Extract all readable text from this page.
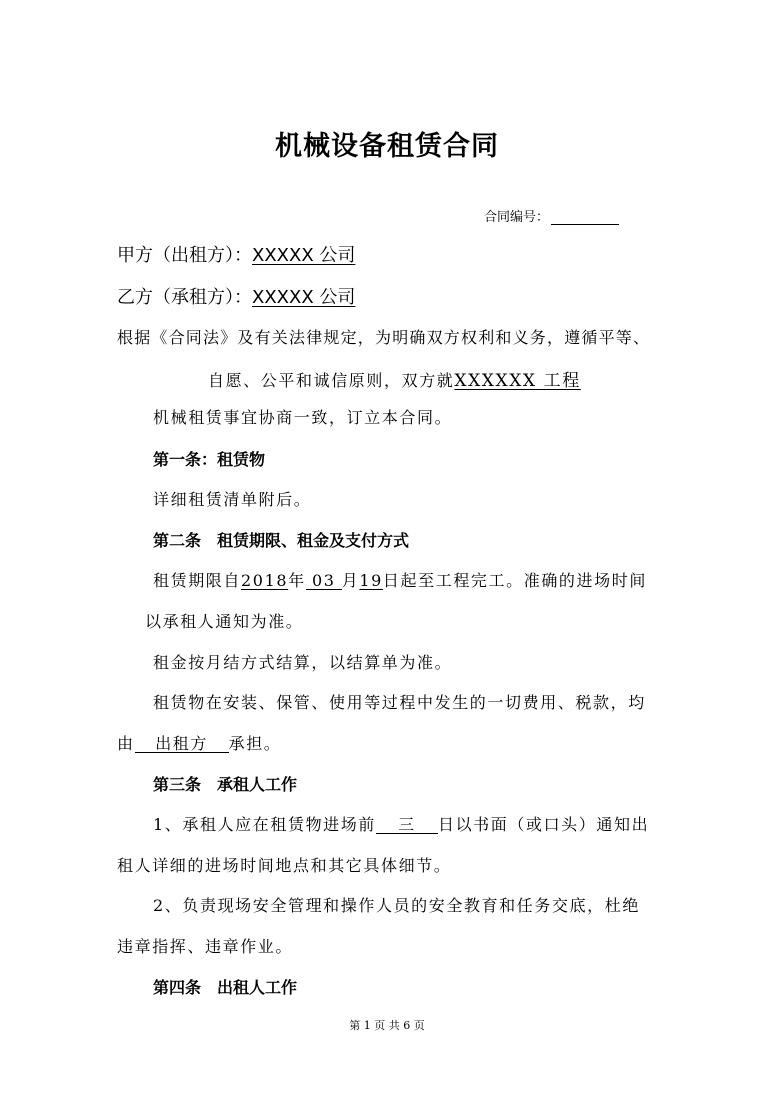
机械设备租赁合同
合同编号：
甲方（出租方）：XXXXX 公司
乙方（承租方）：XXXXX 公司
根据《合同法》及有关法律规定，为明确双方权利和义务，遵循平等、
自愿、公平和诚信原则，双方就XXXXXX 工程
机械租赁事宜协商一致，订立本合同。
第一条：租赁物
详细租赁清单附后。
第二条　租赁期限、租金及支付方式
租赁期限自2018年 03 月19日起至工程完工。准确的进场时间
以承租人通知为准。
租金按月结方式结算，以结算单为准。
租赁物在安装、保管、使用等过程中发生的一切费用、税款，均
由 出租方 承担。
第三条　承租人工作
1、承租人应在租赁物进场前 三 日以书面（或口头）通知出
租人详细的进场时间地点和其它具体细节。
2、负责现场安全管理和操作人员的安全教育和任务交底，杜绝
违章指挥、违章作业。
第四条　出租人工作
第 1 页 共 6 页
